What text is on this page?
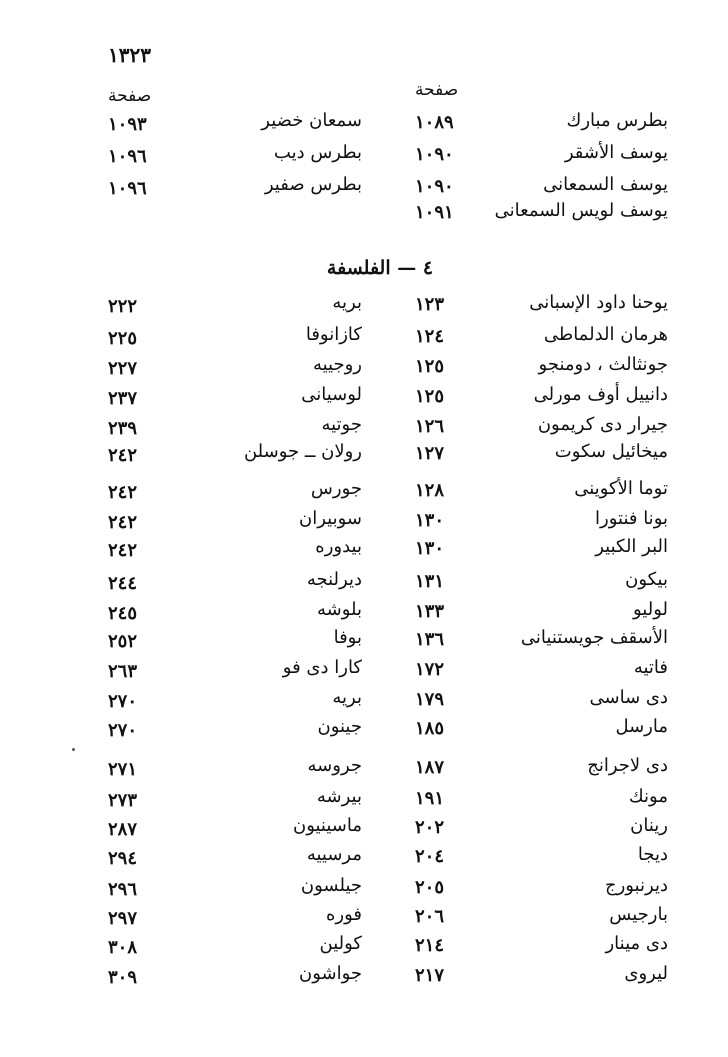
١٣٢٣
صفحة	صفحة
بطرس مبارك
١٠٨٩
سمعان خضير
١٠٩٣
يوسف الأشقر
١٠٩٠
بطرس ديب
١٠٩٦
يوسف السمعانى
١٠٩٠
بطرس صفير
١٠٩٦
يوسف لويس السمعانى
١٠٩١
٤ — الفلسفة
يوحنا داود الإسبانى
١٢٣
بريه
٢٢٢
هرمان الدلماطى
١٢٤
كازانوفا
٢٢٥
جونثالث ، دومنجو
١٢٥
روجييه
٢٢٧
دانييل أوف مورلى
١٢٥
لوسيانى
٢٣٧
جيرار دى كريمون
١٢٦
جوتيه
٢٣٩
ميخائيل سكوت
١٢٧
رولان ــ جوسلن
٢٤٢
توما الأكوينى
١٢٨
جورس
٢٤٢
بونا فنتورا
١٣٠
سوبيران
٢٤٢
البر الكبير
١٣٠
بيدوره
٢٤٢
بيكون
١٣١
ديرلنجه
٢٤٤
لوليو
١٣٣
بلوشه
٢٤٥
الأسقف جويستنيانى
١٣٦
بوفا
٢٥٢
فاتيه
١٧٢
كارا دى فو
٢٦٣
دى ساسى
١٧٩
بريه
٢٧٠
مارسل
١٨٥
جينون
٢٧٠
دى لاجرانج
١٨٧
جروسه
٢٧١
مونك
١٩١
بيرشه
٢٧٣
رينان
٢٠٢
ماسينيون
٢٨٧
ديجا
٢٠٤
مرسييه
٢٩٤
ديرنبورج
٢٠٥
جيلسون
٢٩٦
بارجيس
٢٠٦
فوره
٢٩٧
دى مينار
٢١٤
كولين
٣٠٨
ليروى
٢١٧
جواشون
٣٠٩
